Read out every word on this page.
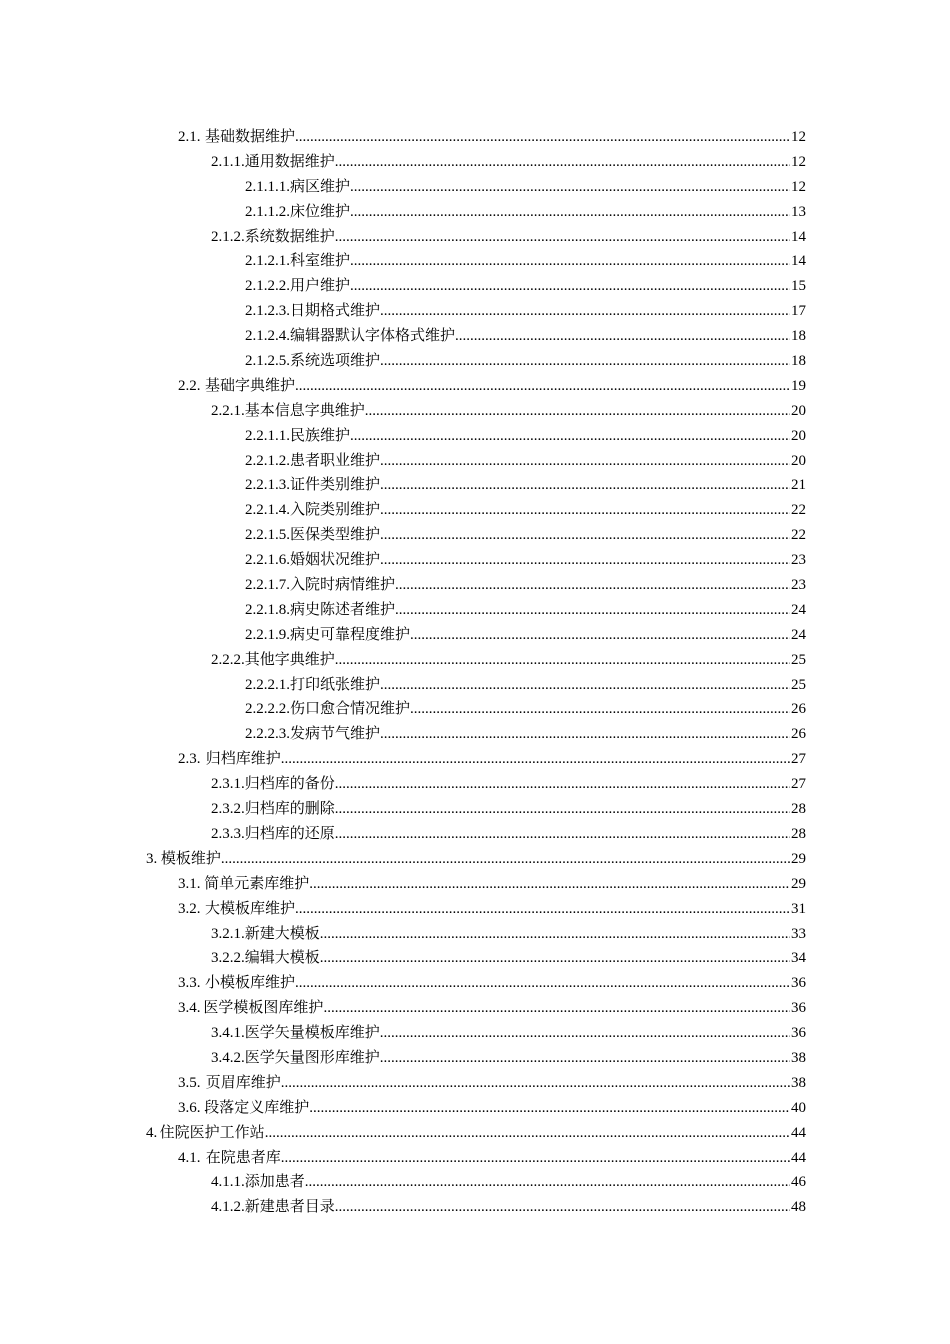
2.1. 基础数据维护 .....	12
2.1.1. 通用数据维护 .....	12
2.1.1.1. 病区维护 .....	12
2.1.1.2. 床位维护 .....	13
2.1.2. 系统数据维护 .....	14
2.1.2.1. 科室维护 .....	14
2.1.2.2. 用户维护 .....	15
2.1.2.3. 日期格式维护 .....	17
2.1.2.4. 编辑器默认字体格式维护 .....	18
2.1.2.5. 系统选项维护 .....	18
2.2. 基础字典维护 .....	19
2.2.1. 基本信息字典维护 .....	20
2.2.1.1. 民族维护 .....	20
2.2.1.2. 患者职业维护 .....	20
2.2.1.3. 证件类别维护 .....	21
2.2.1.4. 入院类别维护 .....	22
2.2.1.5. 医保类型维护 .....	22
2.2.1.6. 婚姻状况维护 .....	23
2.2.1.7. 入院时病情维护 .....	23
2.2.1.8. 病史陈述者维护 .....	24
2.2.1.9. 病史可靠程度维护 .....	24
2.2.2. 其他字典维护 .....	25
2.2.2.1. 打印纸张维护 .....	25
2.2.2.2. 伤口愈合情况维护 .....	26
2.2.2.3. 发病节气维护 .....	26
2.3. 归档库维护 .....	27
2.3.1. 归档库的备份 .....	27
2.3.2. 归档库的删除 .....	28
2.3.3. 归档库的还原 .....	28
3. 模板维护 .....	29
3.1. 简单元素库维护 .....	29
3.2. 大模板库维护 .....	31
3.2.1. 新建大模板 .....	33
3.2.2. 编辑大模板 .....	34
3.3. 小模板库维护 .....	36
3.4. 医学模板图库维护 .....	36
3.4.1. 医学矢量模板库维护 .....	36
3.4.2. 医学矢量图形库维护 .....	38
3.5. 页眉库维护 .....	38
3.6. 段落定义库维护 .....	40
4. 住院医护工作站 .....	44
4.1. 在院患者库 .....	44
4.1.1. 添加患者 .....	46
4.1.2. 新建患者目录 .....	48
